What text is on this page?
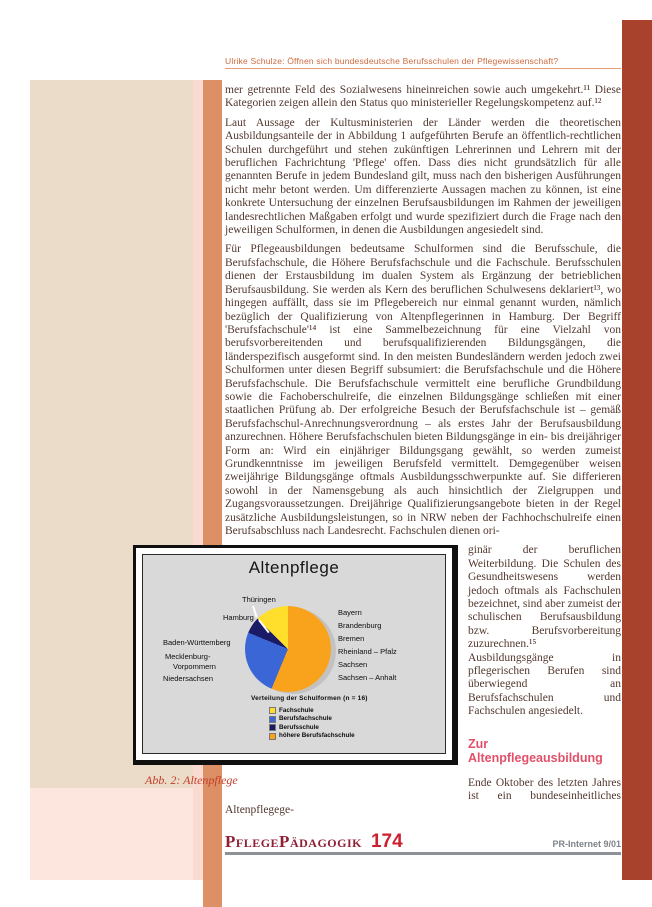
Ulrike Schulze: Öffnen sich bundesdeutsche Berufsschulen der Pflegewissenschaft?

mer getrennte Feld des Sozialwesens hineinreichen sowie auch umgekehrt.¹¹ Diese Kategorien zeigen allein den Status quo ministerieller Regelungskompetenz auf.¹²

Laut Aussage der Kultusministerien der Länder werden die theoretischen Ausbildungsanteile der in Abbildung 1 aufgeführten Berufe an öffentlich-rechtlichen Schulen durchgeführt und stehen zukünftigen Lehrerinnen und Lehrern mit der beruflichen Fachrichtung 'Pflege' offen. Dass dies nicht grundsätzlich für alle genannten Berufe in jedem Bundesland gilt, muss nach den bisherigen Ausführungen nicht mehr betont werden. Um differenzierte Aussagen machen zu können, ist eine konkrete Untersuchung der einzelnen Berufsausbildungen im Rahmen der jeweiligen landesrechtlichen Maßgaben erfolgt und wurde spezifiziert durch die Frage nach den jeweiligen Schulformen, in denen die Ausbildungen angesiedelt sind.

Für Pflegeausbildungen bedeutsame Schulformen sind die Berufsschule, die Berufsfachschule, die Höhere Berufsfachschule und die Fachschule. Berufsschulen dienen der Erstausbildung im dualen System als Ergänzung der betrieblichen Berufsausbildung. Sie werden als Kern des beruflichen Schulwesens deklariert¹³, wo hingegen auffällt, dass sie im Pflegebereich nur einmal genannt wurden, nämlich bezüglich der Qualifizierung von Altenpflegerinnen in Hamburg. Der Begriff 'Berufsfachschule'¹⁴ ist eine Sammelbezeichnung für eine Vielzahl von berufsvorbereitenden und berufsqualifizierenden Bildungsgängen, die länderspezifisch ausgeformt sind. In den meisten Bundesländern werden jedoch zwei Schulformen unter diesen Begriff subsumiert: die Berufsfachschule und die Höhere Berufsfachschule. Die Berufsfachschule vermittelt eine berufliche Grundbildung sowie die Fachoberschulreife, die einzelnen Bildungsgänge schließen mit einer staatlichen Prüfung ab. Der erfolgreiche Besuch der Berufsfachschule ist – gemäß Berufsfachschul-Anrechnungsverordnung – als erstes Jahr der Berufsausbildung anzurechnen. Höhere Berufsfachschulen bieten Bildungsgänge in ein- bis dreijähriger Form an: Wird ein einjähriger Bildungsgang gewählt, so werden zumeist Grundkenntnisse im jeweiligen Berufsfeld vermittelt. Demgegenüber weisen zweijährige Bildungsgänge oftmals Ausbildungsschwerpunkte auf. Sie differieren sowohl in der Namensgebung als auch hinsichtlich der Zielgruppen und Zugangsvoraussetzungen. Dreijährige Qualifizierungsangebote bieten in der Regel zusätzliche Ausbildungsleistungen, so in NRW neben der Fachhochschulreife einen Berufsabschluss nach Landesrecht. Fachschulen dienen ori-

Altenpflege
Thüringen
Hamburg
Baden-Württemberg
Mecklenburg-
Vorpommern
Niedersachsen
Bayern
Brandenburg
Bremen
Rheinland – Pfalz
Sachsen
Sachsen – Anhalt
Verteilung der Schulformen (n = 16)
Fachschule
Berufsfachschule
Berufsschule
höhere Berufsfachschule
Abb. 2: Altenpflege

ginär der beruflichen Weiterbildung. Die Schulen des Gesundheitswesens werden jedoch oftmals als Fachschulen bezeichnet, sind aber zumeist der schulischen Berufsausbildung bzw. Berufsvorbereitung zuzurechnen.¹⁵ Ausbildungsgänge in pflegerischen Berufen sind überwiegend an Berufsfachschulen und Fachschulen angesiedelt.

Zur Altenpflegeausbildung

Ende Oktober des letzten Jahres ist ein bundeseinheitliches Altenpflegege-

PflegePädagogik 174	PR-Internet 9/01
